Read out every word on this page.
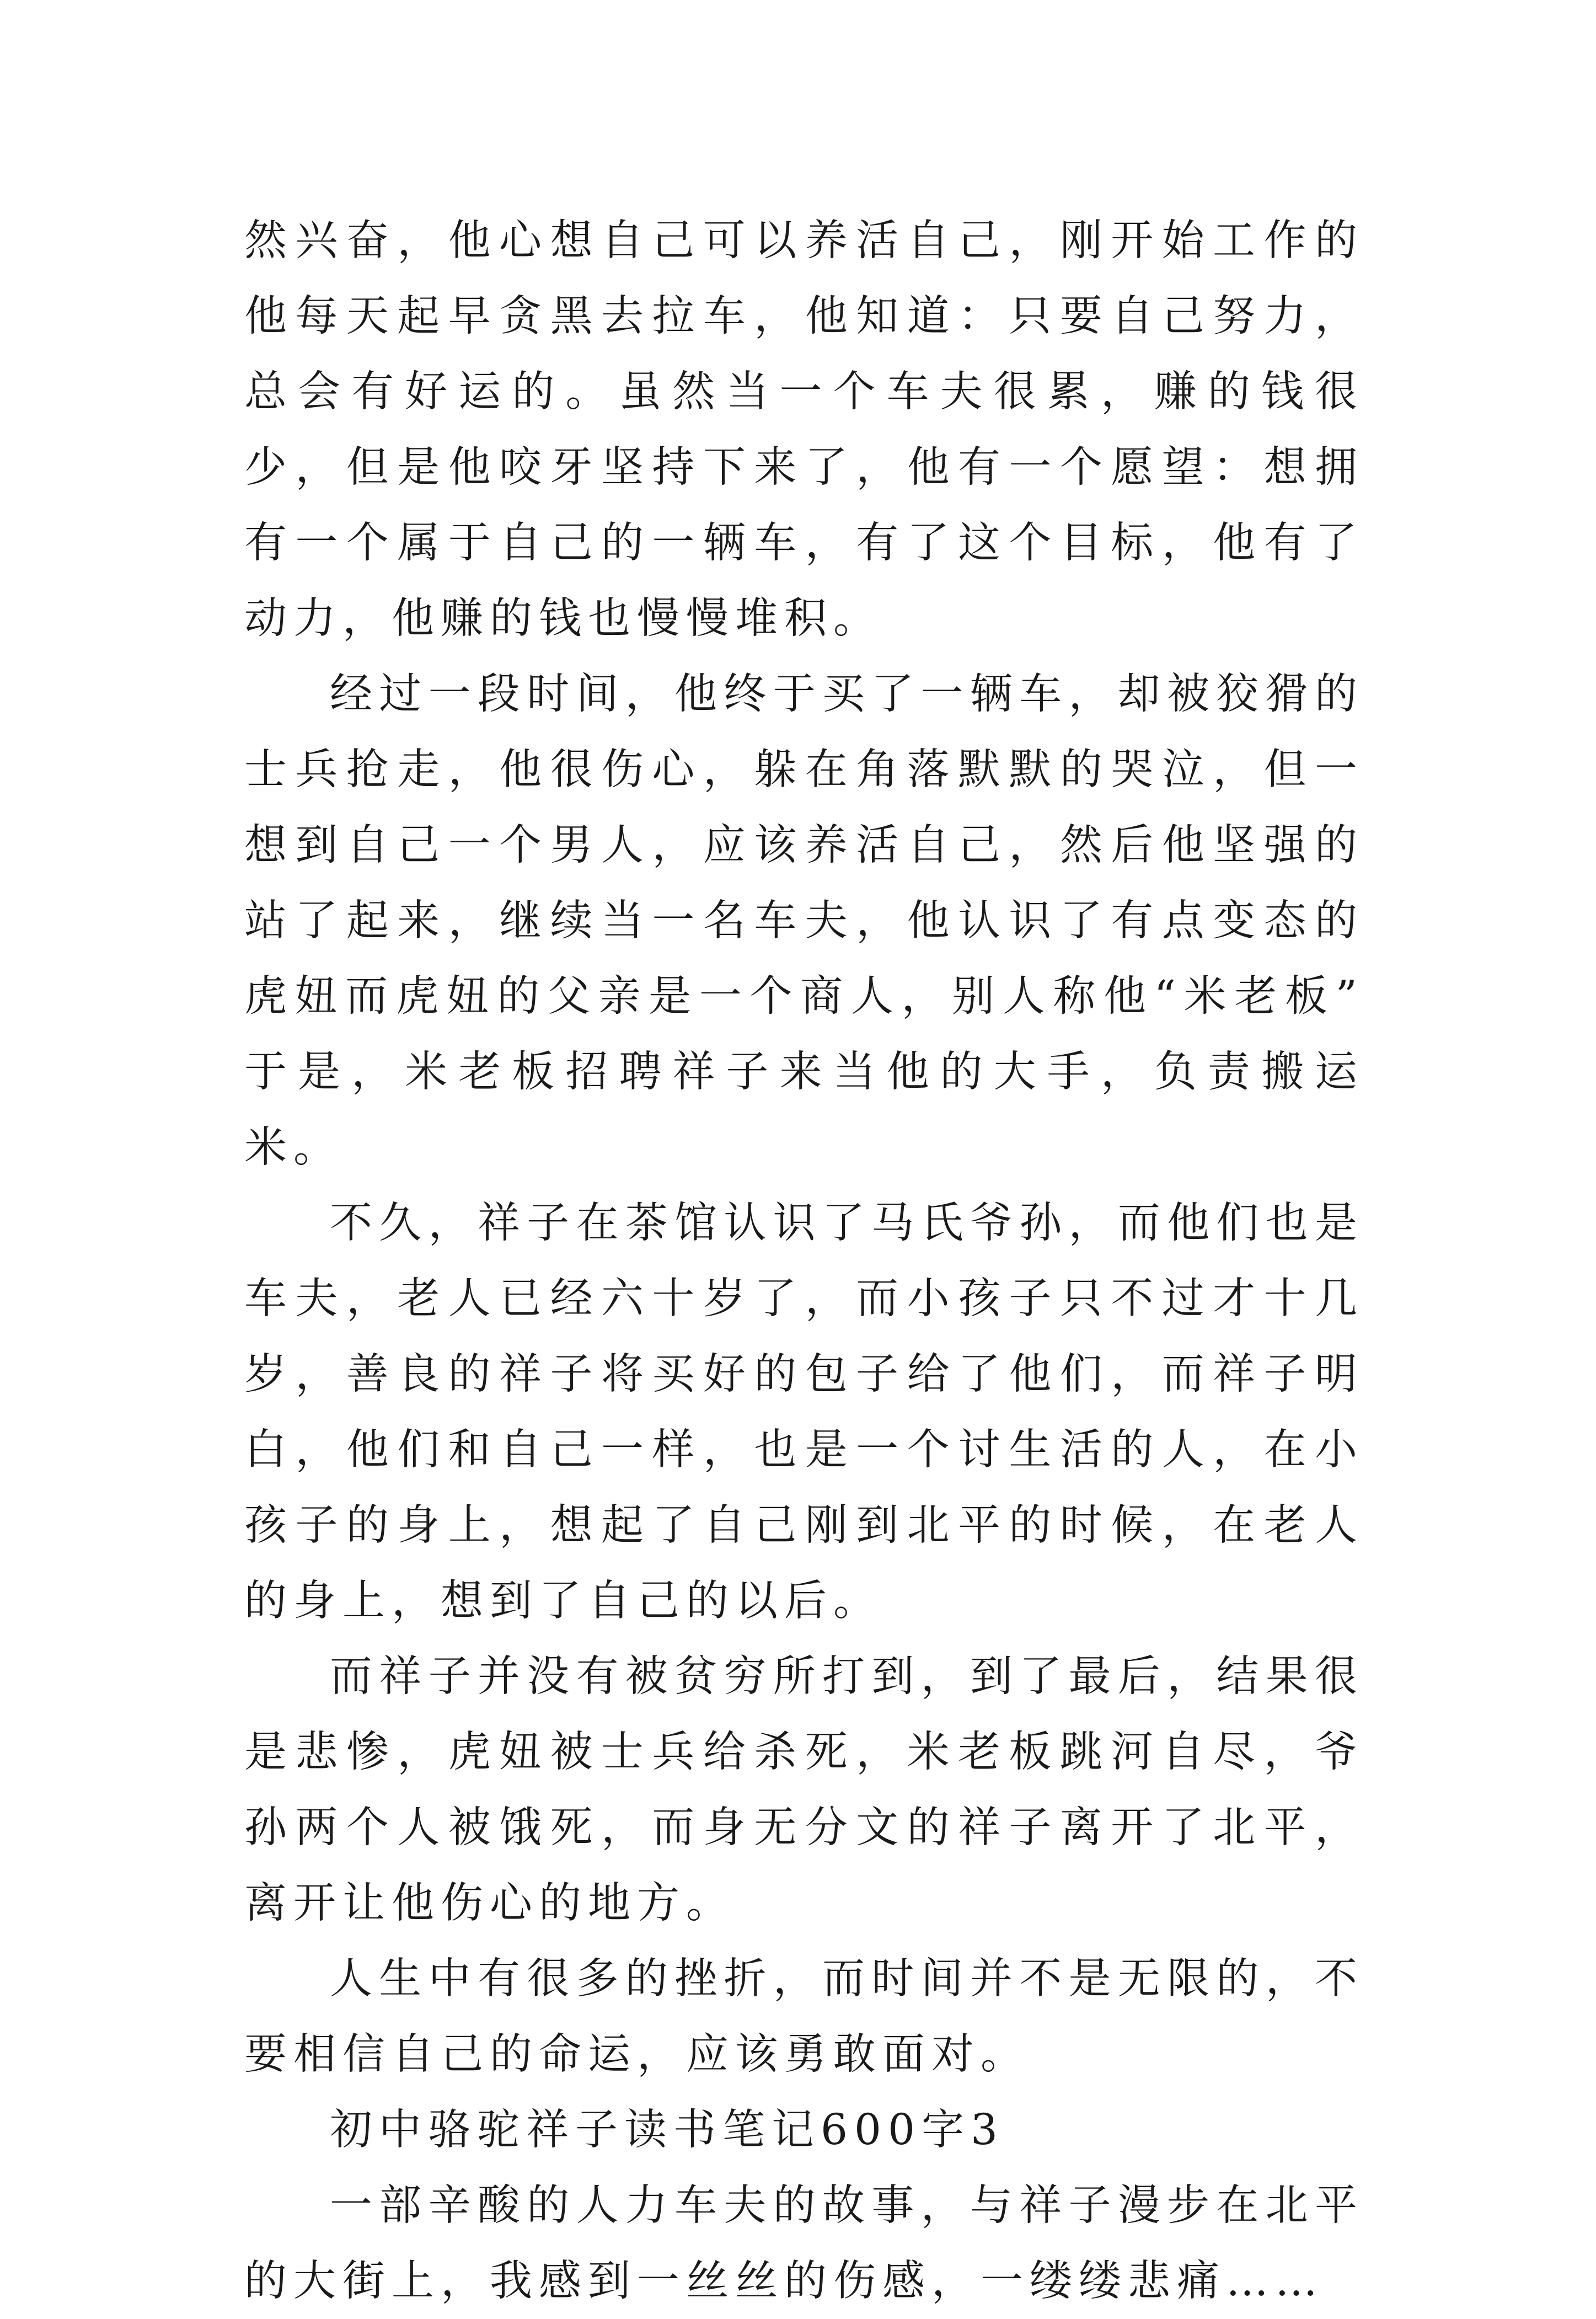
然兴奋，他心想自己可以养活自己，刚开始工作的他每天起早贪黑去拉车，他知道：只要自己努力，总会有好运的。虽然当一个车夫很累，赚的钱很少，但是他咬牙坚持下来了，他有一个愿望：想拥有一个属于自己的一辆车，有了这个目标，他有了动力，他赚的钱也慢慢堆积。

经过一段时间，他终于买了一辆车，却被狡猾的士兵抢走，他很伤心，躲在角落默默的哭泣，但一想到自己一个男人，应该养活自己，然后他坚强的站了起来，继续当一名车夫，他认识了有点变态的虎妞而虎妞的父亲是一个商人，别人称他“米老板” 于是，米老板招聘祥子来当他的大手，负责搬运米。

不久，祥子在茶馆认识了马氏爷孙，而他们也是车夫，老人已经六十岁了，而小孩子只不过才十几岁，善良的祥子将买好的包子给了他们，而祥子明白，他们和自己一样，也是一个讨生活的人，在小孩子的身上，想起了自己刚到北平的时候，在老人的身上，想到了自己的以后。

而祥子并没有被贫穷所打到，到了最后，结果很是悲惨，虎妞被士兵给杀死，米老板跳河自尽，爷孙两个人被饿死，而身无分文的祥子离开了北平，离开让他伤心的地方。

人生中有很多的挫折，而时间并不是无限的，不要相信自己的命运，应该勇敢面对。

初中骆驼祥子读书笔记600字3

一部辛酸的人力车夫的故事，与祥子漫步在北平的大街上，我感到一丝丝的伤感，一缕缕悲痛……
